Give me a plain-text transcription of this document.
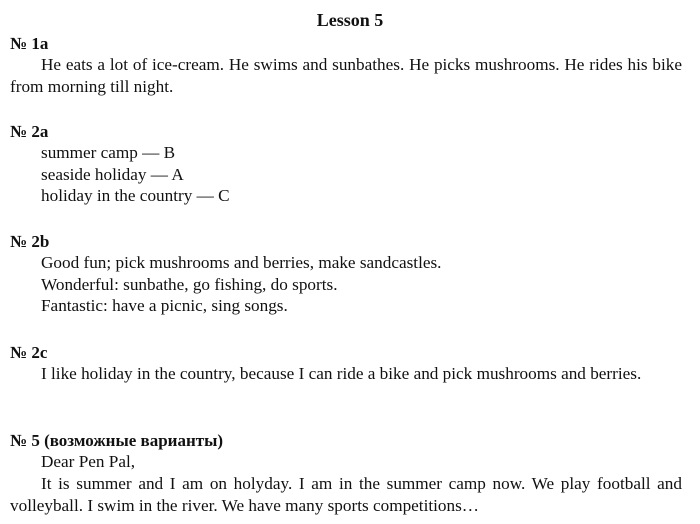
Lesson 5
№ 1a
He eats a lot of ice-cream. He swims and sunbathes. He picks mushrooms. He rides his bike from morning till night.
№ 2a
summer camp — B
seaside holiday — A
holiday in the country — C
№ 2b
Good fun; pick mushrooms and berries, make sandcastles.
Wonderful: sunbathe, go fishing, do sports.
Fantastic: have a picnic, sing songs.
№ 2c
I like holiday in the country, because I can ride a bike and pick mushrooms and berries.
№ 5 (возможные варианты)
Dear Pen Pal,
It is summer and I am on holyday. I am in the summer camp now. We play football and volleyball. I swim in the river. We have many sports competitions…
